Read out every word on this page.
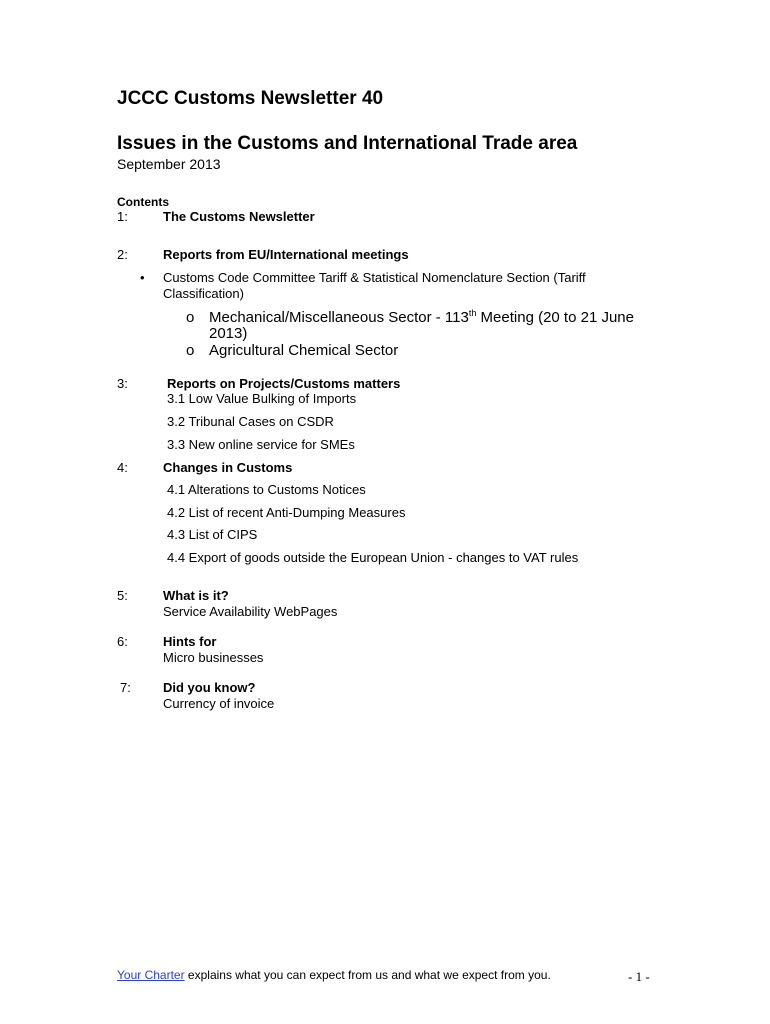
JCCC Customs Newsletter 40
Issues in the Customs and International Trade area
September 2013
Contents
1:	The Customs Newsletter
2:	Reports from EU/International meetings
• Customs Code Committee Tariff & Statistical Nomenclature Section (Tariff
Classification)
o Mechanical/Miscellaneous Sector - 113th Meeting (20 to 21 June
2013)
o Agricultural Chemical Sector
3:	Reports on Projects/Customs matters
3.1 Low Value Bulking of Imports
3.2 Tribunal Cases on CSDR
3.3 New online service for SMEs
4:	Changes in Customs
4.1 Alterations to Customs Notices
4.2 List of recent Anti-Dumping Measures
4.3 List of CIPS
4.4 Export of goods outside the European Union - changes to VAT rules
5:	What is it?
Service Availability WebPages
6:	Hints for
Micro businesses
7: Did you know?
Currency of invoice
Your Charter explains what you can expect from us and what we expect from you.	- 1 -
